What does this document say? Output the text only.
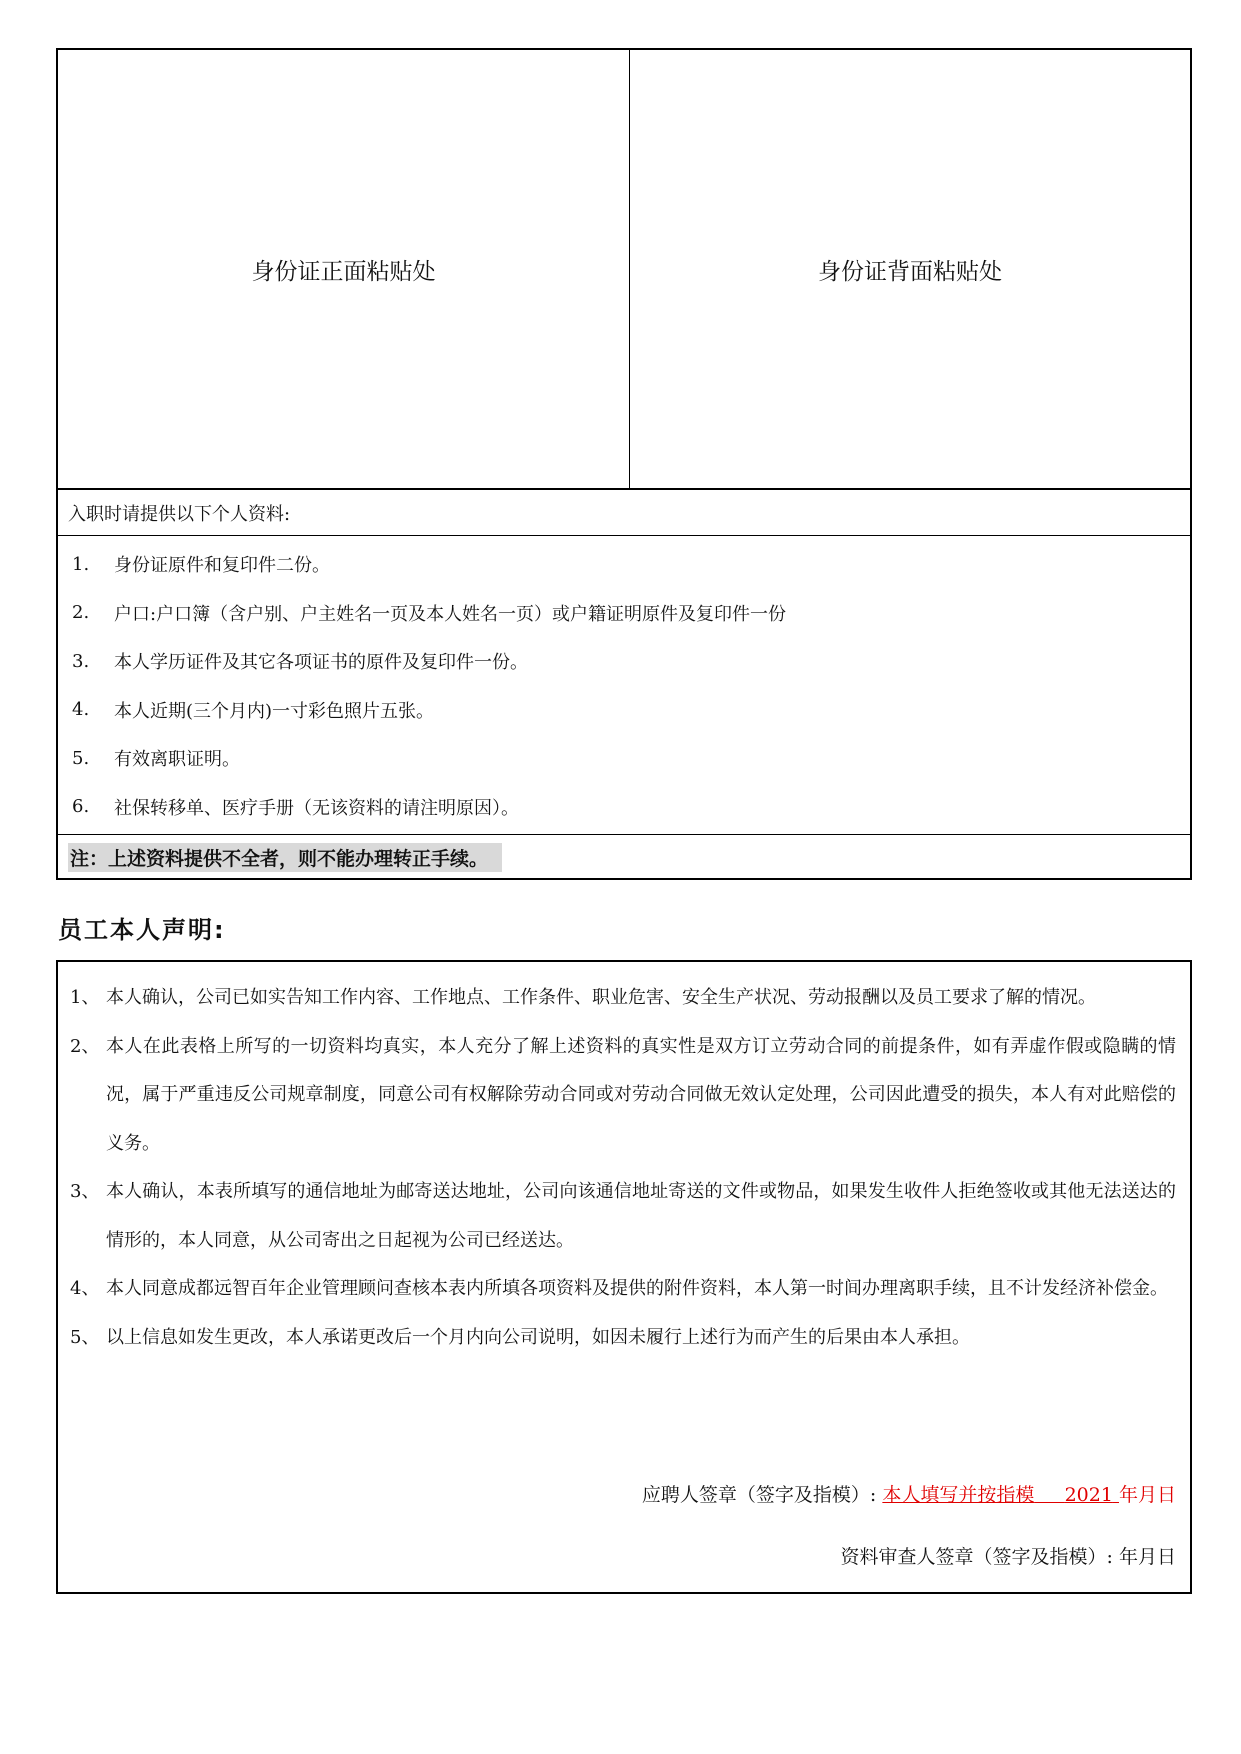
身份证正面粘贴处	身份证背面粘贴处
入职时请提供以下个人资料:
1.	身份证原件和复印件二份。
2.	户口:户口簿（含户别、户主姓名一页及本人姓名一页）或户籍证明原件及复印件一份
3.	本人学历证件及其它各项证书的原件及复印件一份。
4.	本人近期(三个月内)一寸彩色照片五张。
5.	有效离职证明。
6.	社保转移单、医疗手册（无该资料的请注明原因）。
注：上述资料提供不全者，则不能办理转正手续。
员工本人声明:
1、 本人确认，公司已如实告知工作内容、工作地点、工作条件、职业危害、安全生产状况、劳动报酬以及员工要求了解的情况。
2、 本人在此表格上所写的一切资料均真实，本人充分了解上述资料的真实性是双方订立劳动合同的前提条件，如有弄虚作假或隐瞒的情况，属于严重违反公司规章制度，同意公司有权解除劳动合同或对劳动合同做无效认定处理，公司因此遭受的损失，本人有对此赔偿的义务。
3、 本人确认，本表所填写的通信地址为邮寄送达地址，公司向该通信地址寄送的文件或物品，如果发生收件人拒绝签收或其他无法送达的情形的，本人同意，从公司寄出之日起视为公司已经送达。
4、 本人同意成都远智百年企业管理顾问查核本表内所填各项资料及提供的附件资料，本人第一时间办理离职手续，且不计发经济补偿金。
5、 以上信息如发生更改，本人承诺更改后一个月内向公司说明，如因未履行上述行为而产生的后果由本人承担。
应聘人签章（签字及指模）: 本人填写并按指模 2021 年月日
资料审查人签章（签字及指模）: 年月日
